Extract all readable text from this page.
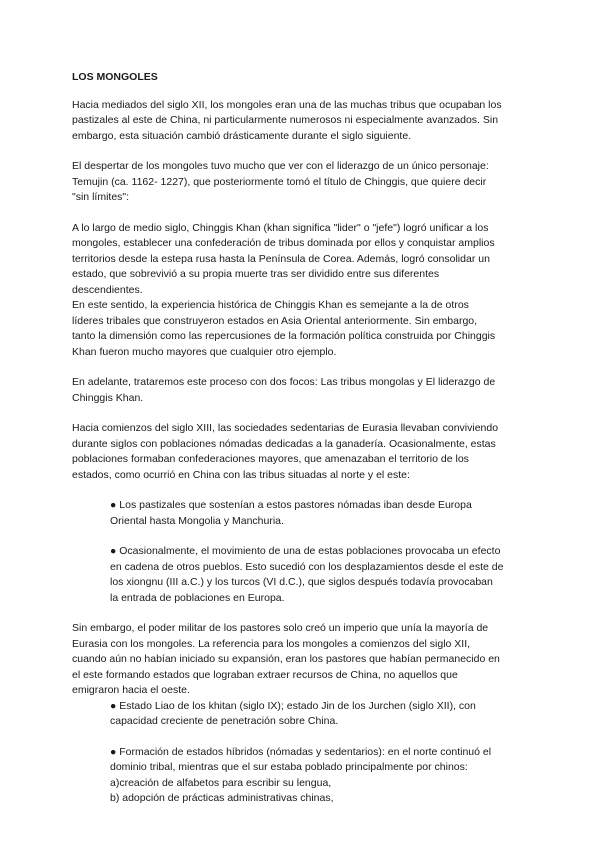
LOS MONGOLES

Hacia mediados del siglo XII, los mongoles eran una de las muchas tribus que ocupaban los
pastizales al este de China, ni particularmente numerosos ni especialmente avanzados. Sin
embargo, esta situación cambió drásticamente durante el siglo siguiente.

El despertar de los mongoles tuvo mucho que ver con el liderazgo de un único personaje:
Temujin (ca. 1162- 1227), que posteriormente tomó el título de Chinggis, que quiere decir
"sin límites":

A lo largo de medio siglo, Chinggis Khan (khan significa "lider" o "jefe") logró unificar a los
mongoles, establecer una confederación de tribus dominada por ellos y conquistar amplios
territorios desde la estepa rusa hasta la Península de Corea. Además, logró consolidar un
estado, que sobrevivió a su propia muerte tras ser dividido entre sus diferentes
descendientes.

En este sentido, la experiencia histórica de Chinggis Khan es semejante a la de otros
líderes tribales que construyeron estados en Asia Oriental anteriormente. Sin embargo,
tanto la dimensión como las repercusiones de la formación política construida por Chinggis
Khan fueron mucho mayores que cualquier otro ejemplo.

En adelante, trataremos este proceso con dos focos: Las tribus mongolas y El liderazgo de
Chinggis Khan.

Hacia comienzos del siglo XIII, las sociedades sedentarias de Eurasia llevaban conviviendo
durante siglos con poblaciones nómadas dedicadas a la ganadería. Ocasionalmente, estas
poblaciones formaban confederaciones mayores, que amenazaban el territorio de los
estados, como ocurrió en China con las tribus situadas al norte y el este:

● Los pastizales que sostenían a estos pastores nómadas iban desde Europa
Oriental hasta Mongolia y Manchuria.
● Ocasionalmente, el movimiento de una de estas poblaciones provocaba un efecto
en cadena de otros pueblos. Esto sucedió con los desplazamientos desde el este de
los xiongnu (III a.C.) y los turcos (VI d.C.), que siglos después todavía provocaban
la entrada de poblaciones en Europa.

Sin embargo, el poder militar de los pastores solo creó un imperio que unía la mayoría de
Eurasia con los mongoles. La referencia para los mongoles a comienzos del siglo XII,
cuando aún no habían iniciado su expansión, eran los pastores que habían permanecido en
el este formando estados que lograban extraer recursos de China, no aquellos que
emigraron hacia el oeste.

● Estado Liao de los khitan (siglo IX); estado Jin de los Jurchen (siglo XII), con
capacidad creciente de penetración sobre China.
● Formación de estados híbridos (nómadas y sedentarios): en el norte continuó el
dominio tribal, mientras que el sur estaba poblado principalmente por chinos:
a)creación de alfabetos para escribir su lengua,
b) adopción de prácticas administrativas chinas,
